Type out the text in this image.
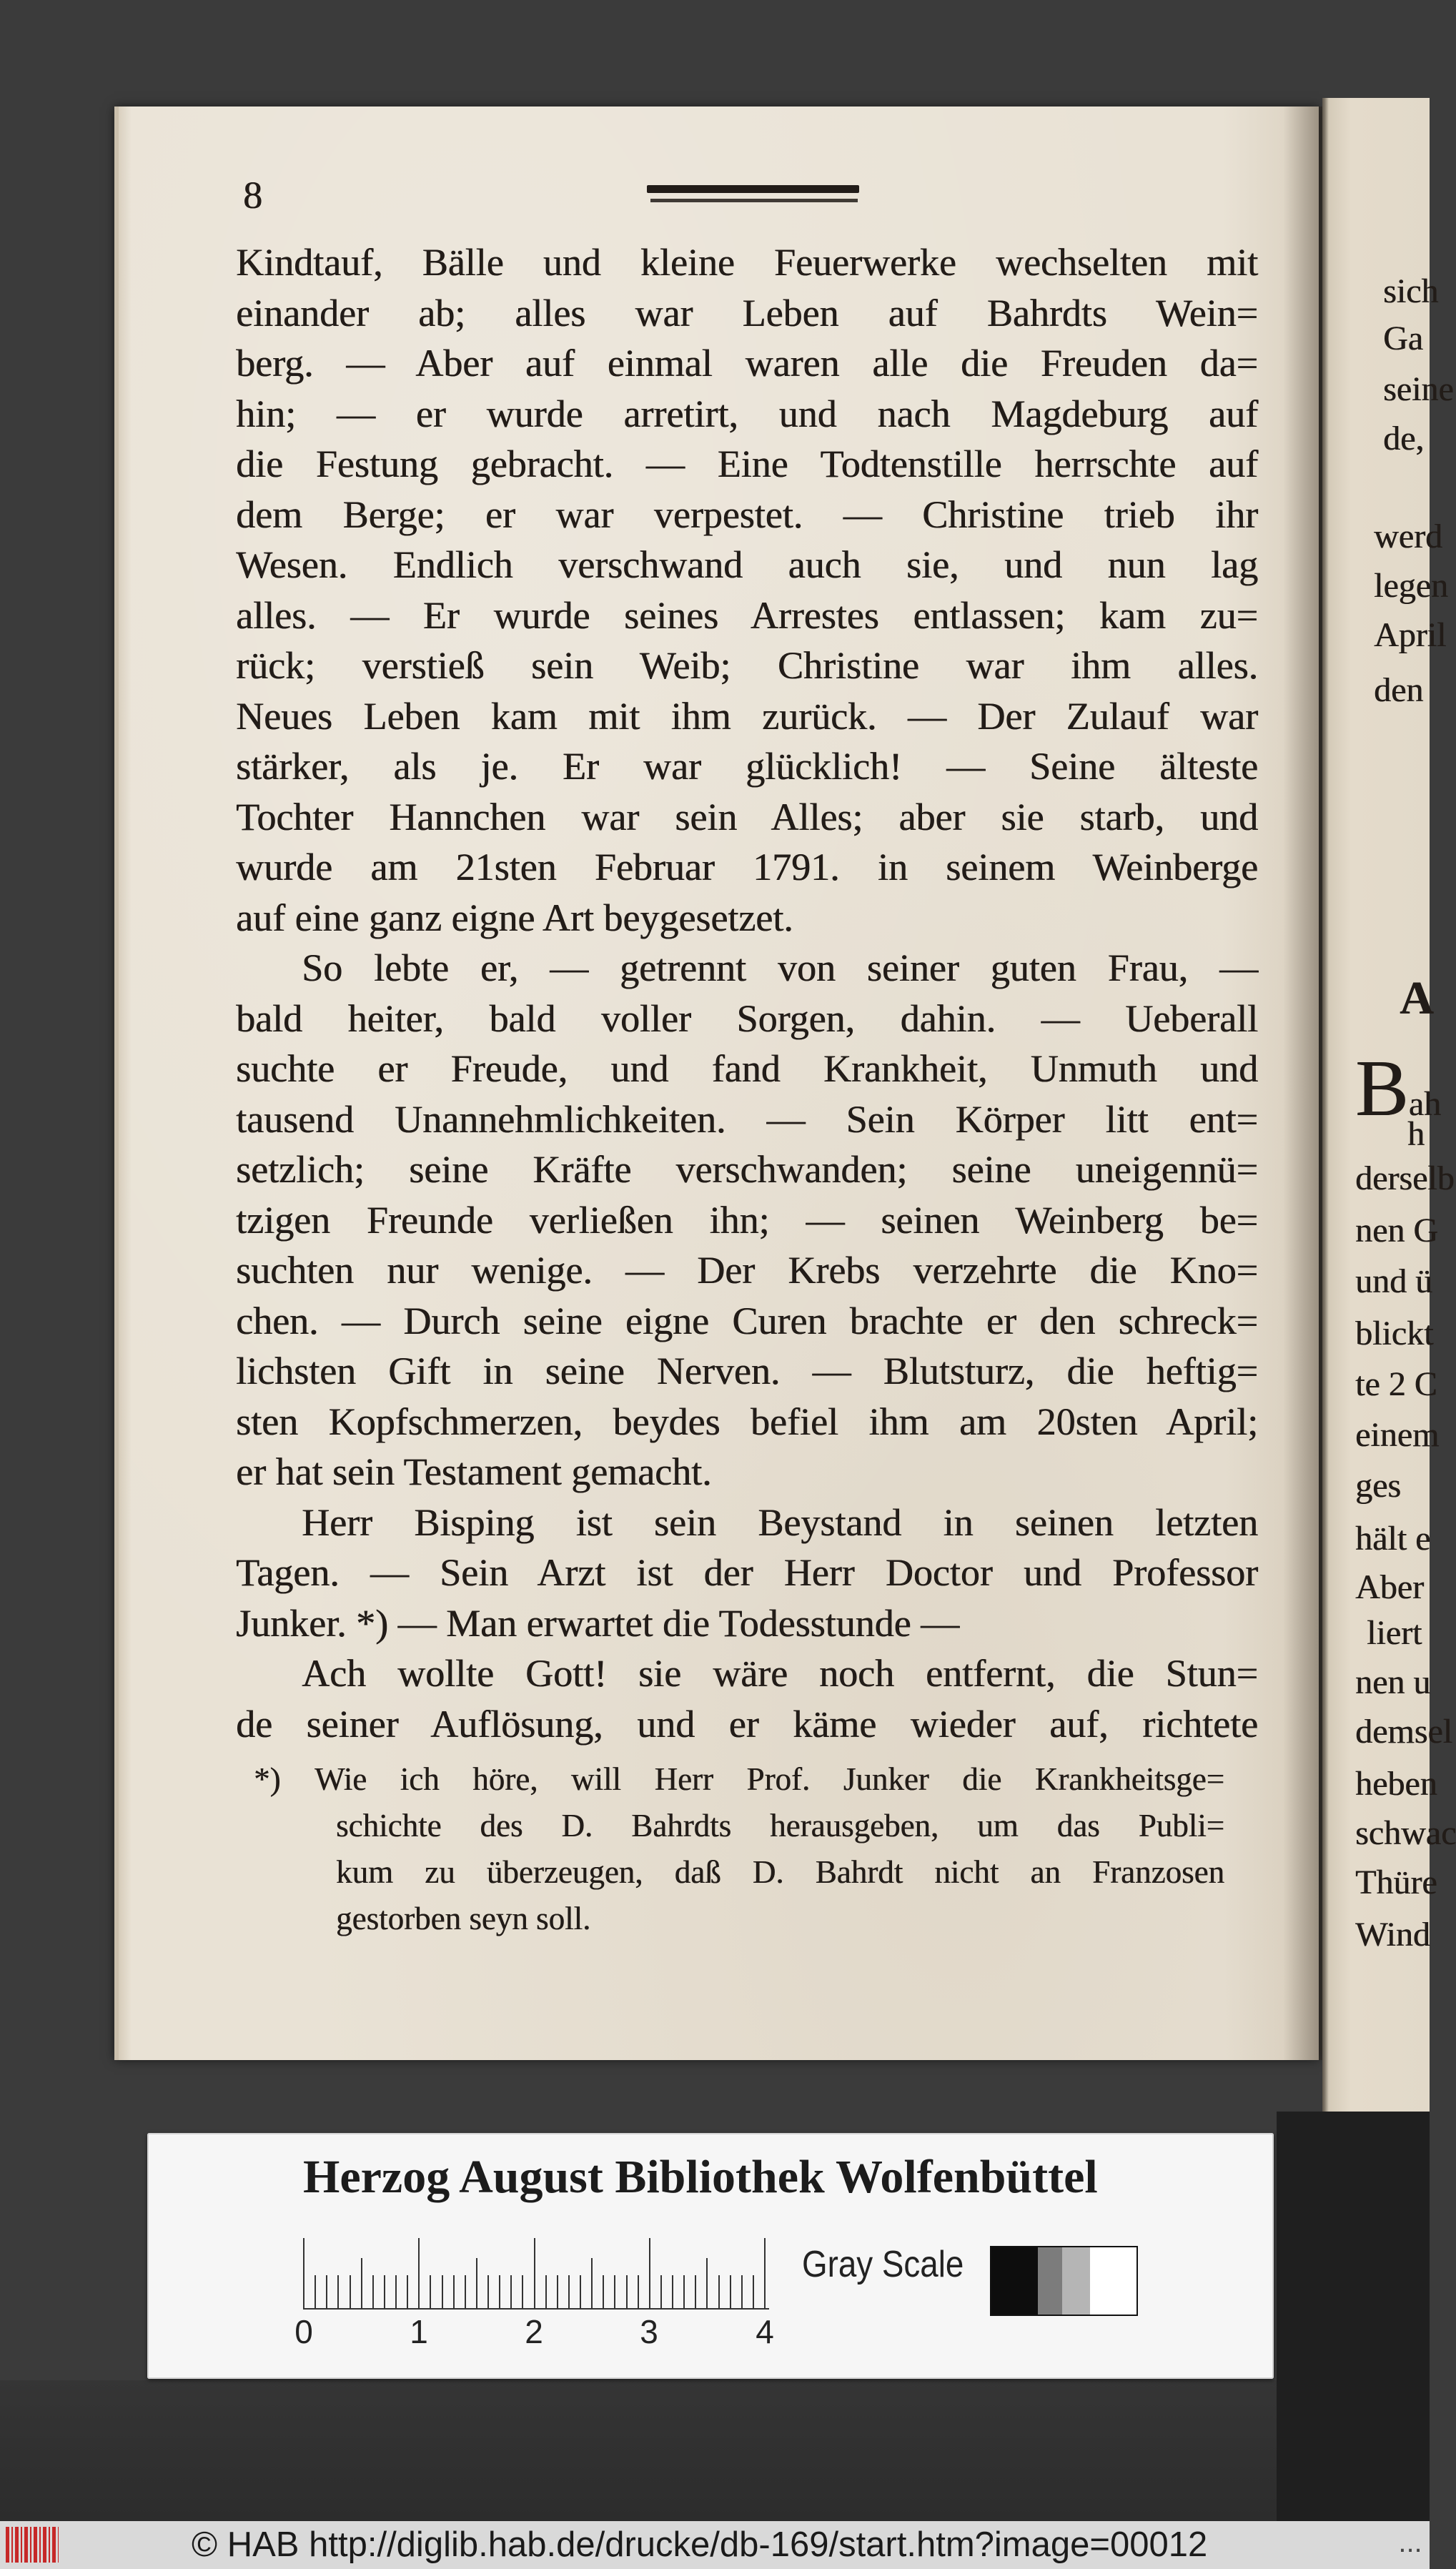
8
Kindtauf, Bälle und kleine Feuerwerke wechselten mit
einander ab; alles war Leben auf Bahrdts Wein=
berg. — Aber auf einmal waren alle die Freuden da=
hin; — er wurde arretirt, und nach Magdeburg auf
die Festung gebracht. — Eine Todtenstille herrschte auf
dem Berge; er war verpestet. — Christine trieb ihr
Wesen. Endlich verschwand auch sie, und nun lag
alles. — Er wurde seines Arrestes entlassen; kam zu=
rück; verstieß sein Weib; Christine war ihm alles.
Neues Leben kam mit ihm zurück. — Der Zulauf war
stärker, als je. Er war glücklich! — Seine älteste
Tochter Hannchen war sein Alles; aber sie starb, und
wurde am 21sten Februar 1791. in seinem Weinberge
auf eine ganz eigne Art beygesetzet.
So lebte er, — getrennt von seiner guten Frau, —
bald heiter, bald voller Sorgen, dahin. — Ueberall
suchte er Freude, und fand Krankheit, Unmuth und
tausend Unannehmlichkeiten. — Sein Körper litt ent=
setzlich; seine Kräfte verschwanden; seine uneigennü=
tzigen Freunde verließen ihn; — seinen Weinberg be=
suchten nur wenige. — Der Krebs verzehrte die Kno=
chen. — Durch seine eigne Curen brachte er den schreck=
lichsten Gift in seine Nerven. — Blutsturz, die heftig=
sten Kopfschmerzen, beydes befiel ihm am 20sten April;
er hat sein Testament gemacht.
Herr Bisping ist sein Beystand in seinen letzten
Tagen. — Sein Arzt ist der Herr Doctor und Professor
Junker. *) — Man erwartet die Todesstunde —
Ach wollte Gott! sie wäre noch entfernt, die Stun=
de seiner Auflösung, und er käme wieder auf, richtete
*) Wie ich höre, will Herr Prof. Junker die Krankheitsge=
schichte des D. Bahrdts herausgeben, um das Publi=
kum zu überzeugen, daß D. Bahrdt nicht an Franzosen
gestorben seyn soll.
sich
Ga
seine
de,
werd
legen
April
den
A
Bah
h
derselb
nen G
und ü
blickt
te 2 C
einem
ges
hält e
Aber
liert
nen u
demsel
heben
schwac
Thüre
Wind
Herzog August Bibliothek Wolfenbüttel
0	1	2	3	4
Gray Scale
© HAB http://diglib.hab.de/drucke/db-169/start.htm?image=00012	...
